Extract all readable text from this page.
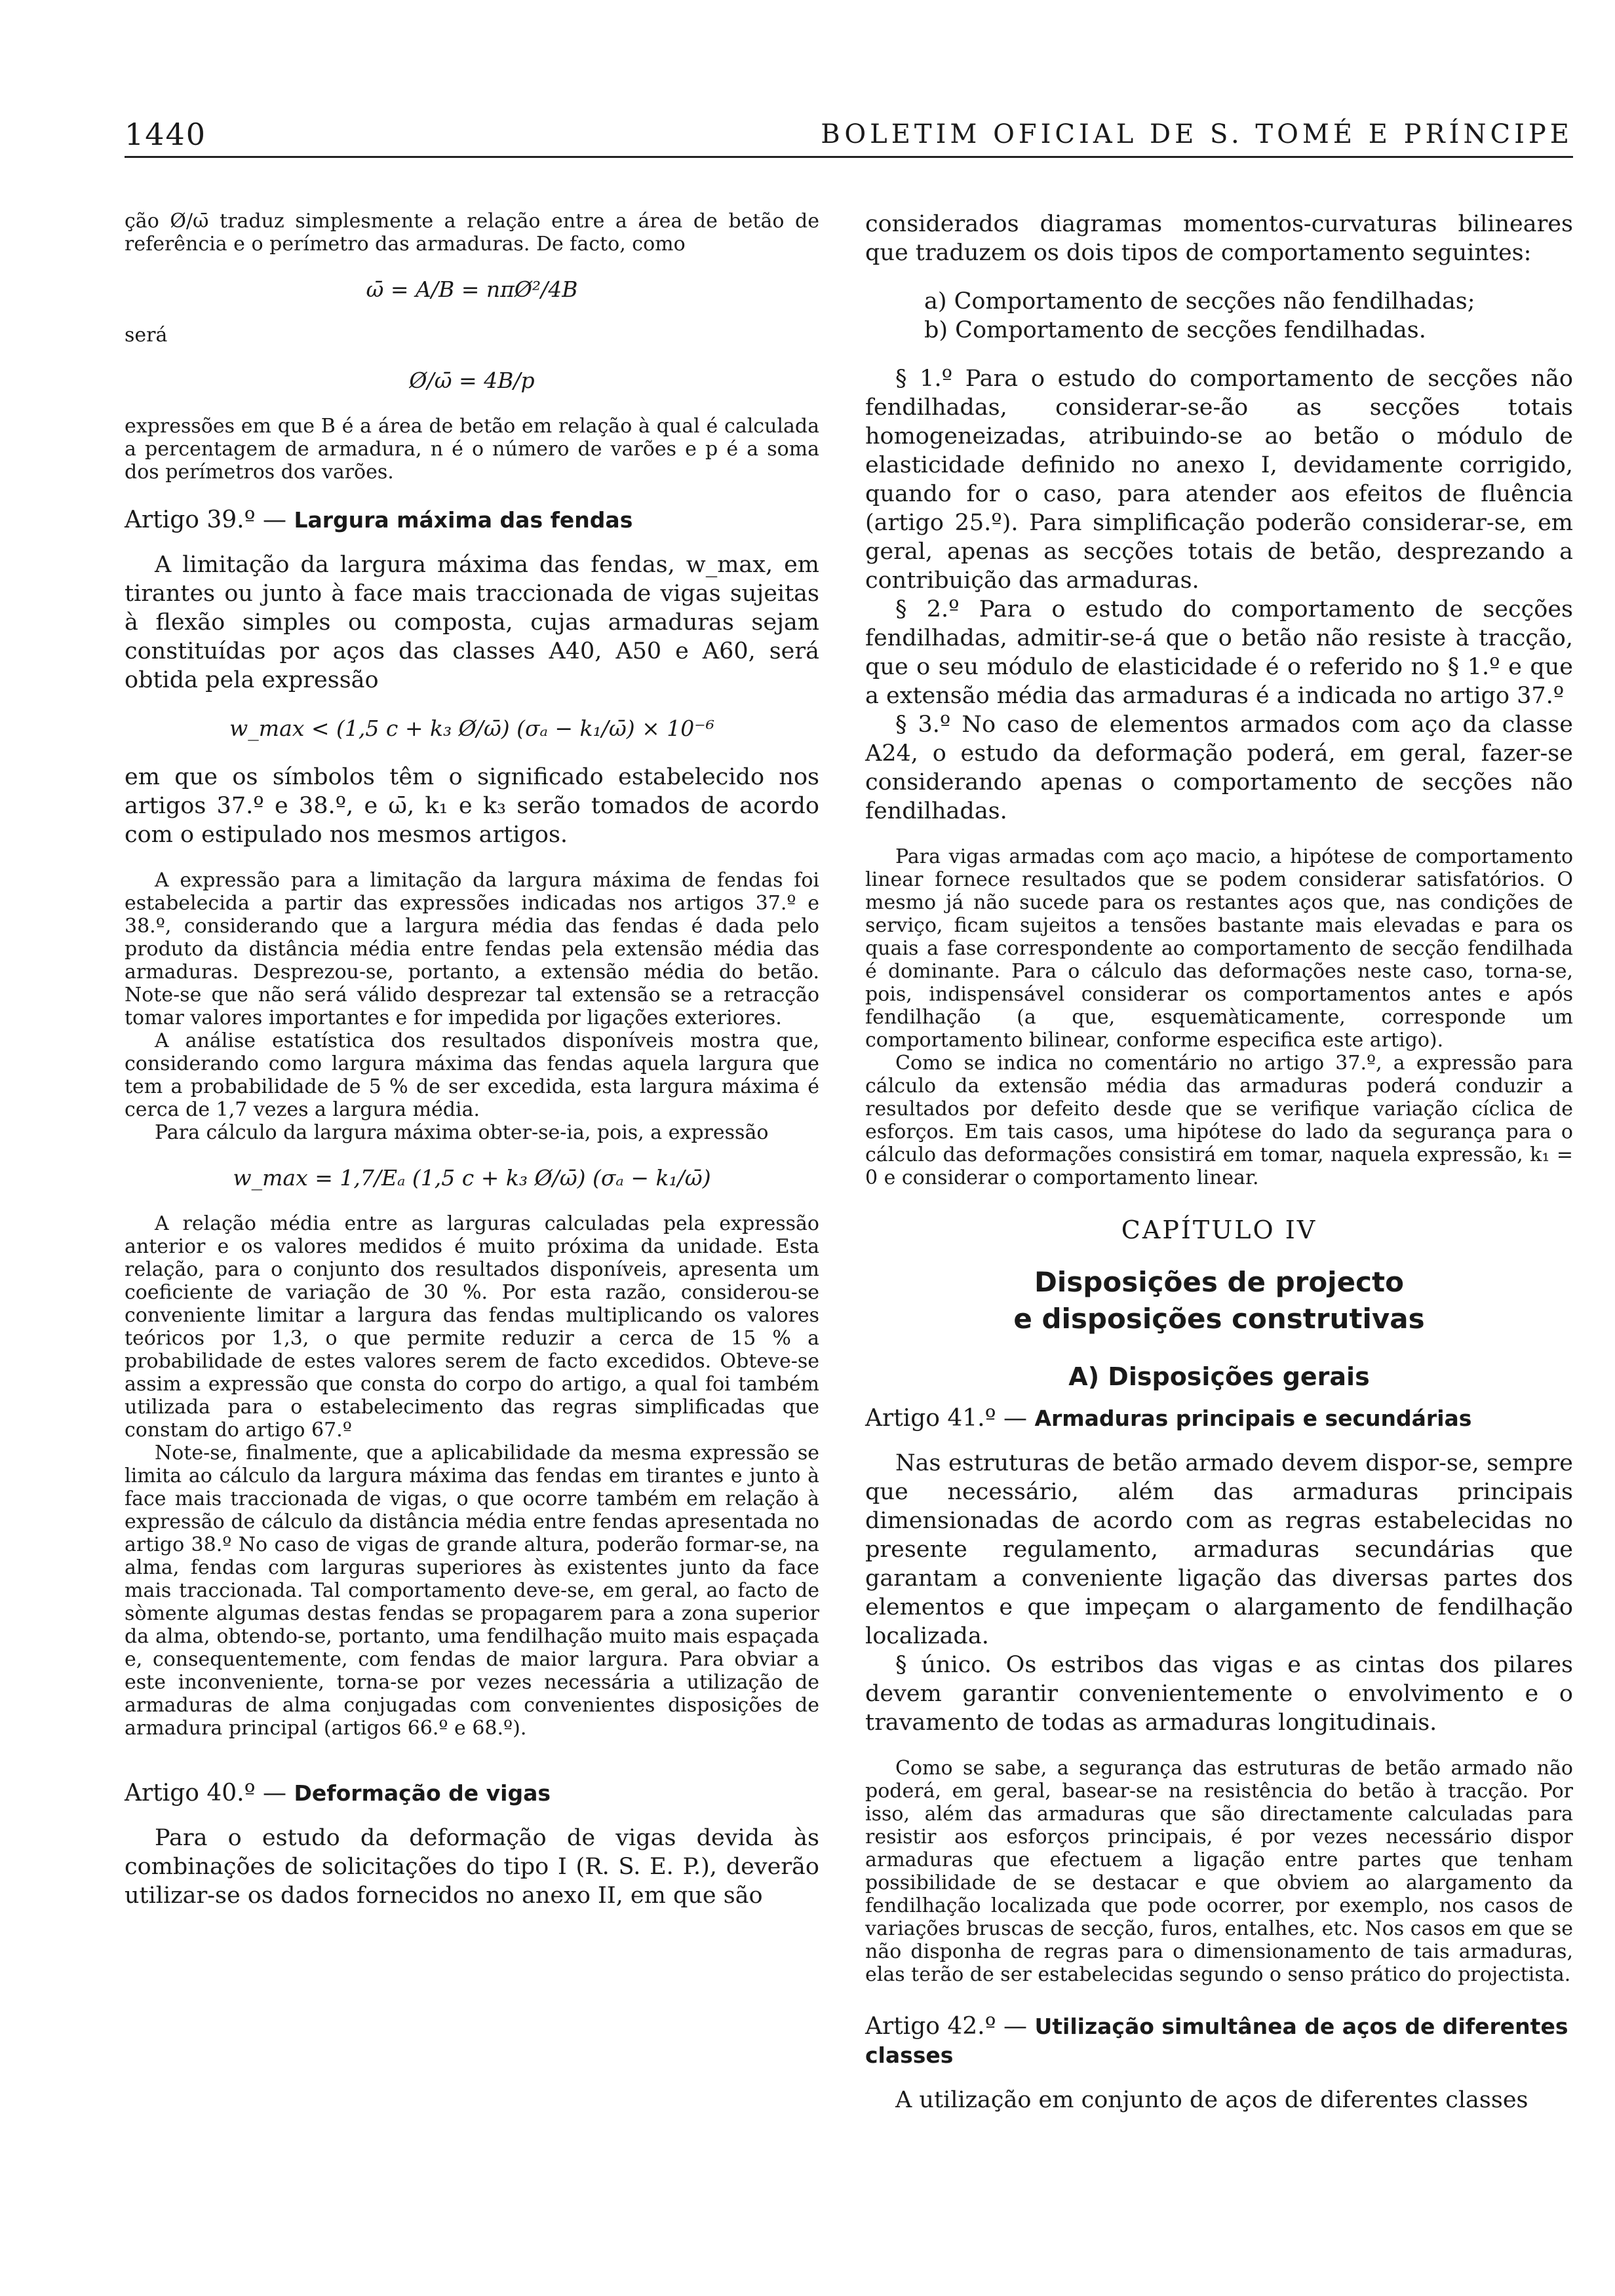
1440	BOLETIM OFICIAL DE S. TOMÉ E PRÍNCIPE

ção Ø/ω̄ traduz simplesmente a relação entre a área de betão de referência e o perímetro das armaduras. De facto, como

ω̄ = A/B = nπØ²/4B

será

Ø/ω̄ = 4B/p

expressões em que B é a área de betão em relação à qual é calculada a percentagem de armadura, n é o número de varões e p é a soma dos perímetros dos varões.

Artigo 39.º — Largura máxima das fendas

A limitação da largura máxima das fendas, w_max, em tirantes ou junto à face mais traccionada de vigas sujeitas à flexão simples ou composta, cujas armaduras sejam constituídas por aços das classes A40, A50 e A60, será obtida pela expressão

w_max < (1,5 c + k₃ Ø/ω̄) (σₐ − k₁/ω̄) × 10⁻⁶

em que os símbolos têm o significado estabelecido nos artigos 37.º e 38.º, e ω̄, k₁ e k₃ serão tomados de acordo com o estipulado nos mesmos artigos.

A expressão para a limitação da largura máxima de fendas foi estabelecida a partir das expressões indicadas nos artigos 37.º e 38.º, considerando que a largura média das fendas é dada pelo produto da distância média entre fendas pela extensão média das armaduras. Desprezou-se, portanto, a extensão média do betão. Note-se que não será válido desprezar tal extensão se a retracção tomar valores importantes e for impedida por ligações exteriores.

A análise estatística dos resultados disponíveis mostra que, considerando como largura máxima das fendas aquela largura que tem a probabilidade de 5 % de ser excedida, esta largura máxima é cerca de 1,7 vezes a largura média.

Para cálculo da largura máxima obter-se-ia, pois, a expressão

w_max = 1,7/Eₐ (1,5 c + k₃ Ø/ω̄) (σₐ − k₁/ω̄)

A relação média entre as larguras calculadas pela expressão anterior e os valores medidos é muito próxima da unidade. Esta relação, para o conjunto dos resultados disponíveis, apresenta um coeficiente de variação de 30 %. Por esta razão, considerou-se conveniente limitar a largura das fendas multiplicando os valores teóricos por 1,3, o que permite reduzir a cerca de 15 % a probabilidade de estes valores serem de facto excedidos. Obteve-se assim a expressão que consta do corpo do artigo, a qual foi também utilizada para o estabelecimento das regras simplificadas que constam do artigo 67.º

Note-se, finalmente, que a aplicabilidade da mesma expressão se limita ao cálculo da largura máxima das fendas em tirantes e junto à face mais traccionada de vigas, o que ocorre também em relação à expressão de cálculo da distância média entre fendas apresentada no artigo 38.º No caso de vigas de grande altura, poderão formar-se, na alma, fendas com larguras superiores às existentes junto da face mais traccionada. Tal comportamento deve-se, em geral, ao facto de sòmente algumas destas fendas se propagarem para a zona superior da alma, obtendo-se, portanto, uma fendilhação muito mais espaçada e, consequentemente, com fendas de maior largura. Para obviar a este inconveniente, torna-se por vezes necessária a utilização de armaduras de alma conjugadas com convenientes disposições de armadura principal (artigos 66.º e 68.º).

Artigo 40.º — Deformação de vigas

Para o estudo da deformação de vigas devida às combinações de solicitações do tipo I (R. S. E. P.), deverão utilizar-se os dados fornecidos no anexo II, em que são

considerados diagramas momentos-curvaturas bilineares que traduzem os dois tipos de comportamento seguintes:

a) Comportamento de secções não fendilhadas;

b) Comportamento de secções fendilhadas.

§ 1.º Para o estudo do comportamento de secções não fendilhadas, considerar-se-ão as secções totais homogeneizadas, atribuindo-se ao betão o módulo de elasticidade definido no anexo I, devidamente corrigido, quando for o caso, para atender aos efeitos de fluência (artigo 25.º). Para simplificação poderão considerar-se, em geral, apenas as secções totais de betão, desprezando a contribuição das armaduras.

§ 2.º Para o estudo do comportamento de secções fendilhadas, admitir-se-á que o betão não resiste à tracção, que o seu módulo de elasticidade é o referido no § 1.º e que a extensão média das armaduras é a indicada no artigo 37.º

§ 3.º No caso de elementos armados com aço da classe A24, o estudo da deformação poderá, em geral, fazer-se considerando apenas o comportamento de secções não fendilhadas.

Para vigas armadas com aço macio, a hipótese de comportamento linear fornece resultados que se podem considerar satisfatórios. O mesmo já não sucede para os restantes aços que, nas condições de serviço, ficam sujeitos a tensões bastante mais elevadas e para os quais a fase correspondente ao comportamento de secção fendilhada é dominante. Para o cálculo das deformações neste caso, torna-se, pois, indispensável considerar os comportamentos antes e após fendilhação (a que, esquemàticamente, corresponde um comportamento bilinear, conforme especifica este artigo).

Como se indica no comentário no artigo 37.º, a expressão para cálculo da extensão média das armaduras poderá conduzir a resultados por defeito desde que se verifique variação cíclica de esforços. Em tais casos, uma hipótese do lado da segurança para o cálculo das deformações consistirá em tomar, naquela expressão, k₁ = 0 e considerar o comportamento linear.

CAPÍTULO IV
Disposições de projecto
e disposições construtivas
A) Disposições gerais
Artigo 41.º — Armaduras principais e secundárias

Nas estruturas de betão armado devem dispor-se, sempre que necessário, além das armaduras principais dimensionadas de acordo com as regras estabelecidas no presente regulamento, armaduras secundárias que garantam a conveniente ligação das diversas partes dos elementos e que impeçam o alargamento de fendilhação localizada.

§ único. Os estribos das vigas e as cintas dos pilares devem garantir convenientemente o envolvimento e o travamento de todas as armaduras longitudinais.

Como se sabe, a segurança das estruturas de betão armado não poderá, em geral, basear-se na resistência do betão à tracção. Por isso, além das armaduras que são directamente calculadas para resistir aos esforços principais, é por vezes necessário dispor armaduras que efectuem a ligação entre partes que tenham possibilidade de se destacar e que obviem ao alargamento da fendilhação localizada que pode ocorrer, por exemplo, nos casos de variações bruscas de secção, furos, entalhes, etc. Nos casos em que se não disponha de regras para o dimensionamento de tais armaduras, elas terão de ser estabelecidas segundo o senso prático do projectista.

Artigo 42.º — Utilização simultânea de aços de diferentes classes

A utilização em conjunto de aços de diferentes classes
